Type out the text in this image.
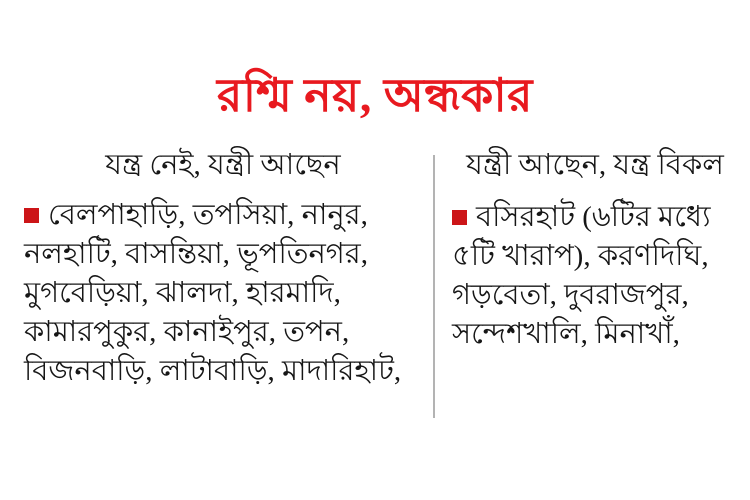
রশ্মি নয়, অন্ধকার
যন্ত্র নেই, যন্ত্রী আছেন

বেলপাহাড়ি, তপসিয়া, নানুর, নলহাটি, বাসন্তিয়া, ভূপতিনগর, মুগবেড়িয়া, ঝালদা, হারমাদি, কামারপুকুর, কানাইপুর, তপন, বিজনবাড়ি, লাটাবাড়ি, মাদারিহাট,

যন্ত্রী আছেন, যন্ত্র বিকল

বসিরহাট (৬টির মধ্যে ৫টি খারাপ), করণদিঘি, গড়বেতা, দুবরাজপুর, সন্দেশখালি, মিনাখাঁ,
